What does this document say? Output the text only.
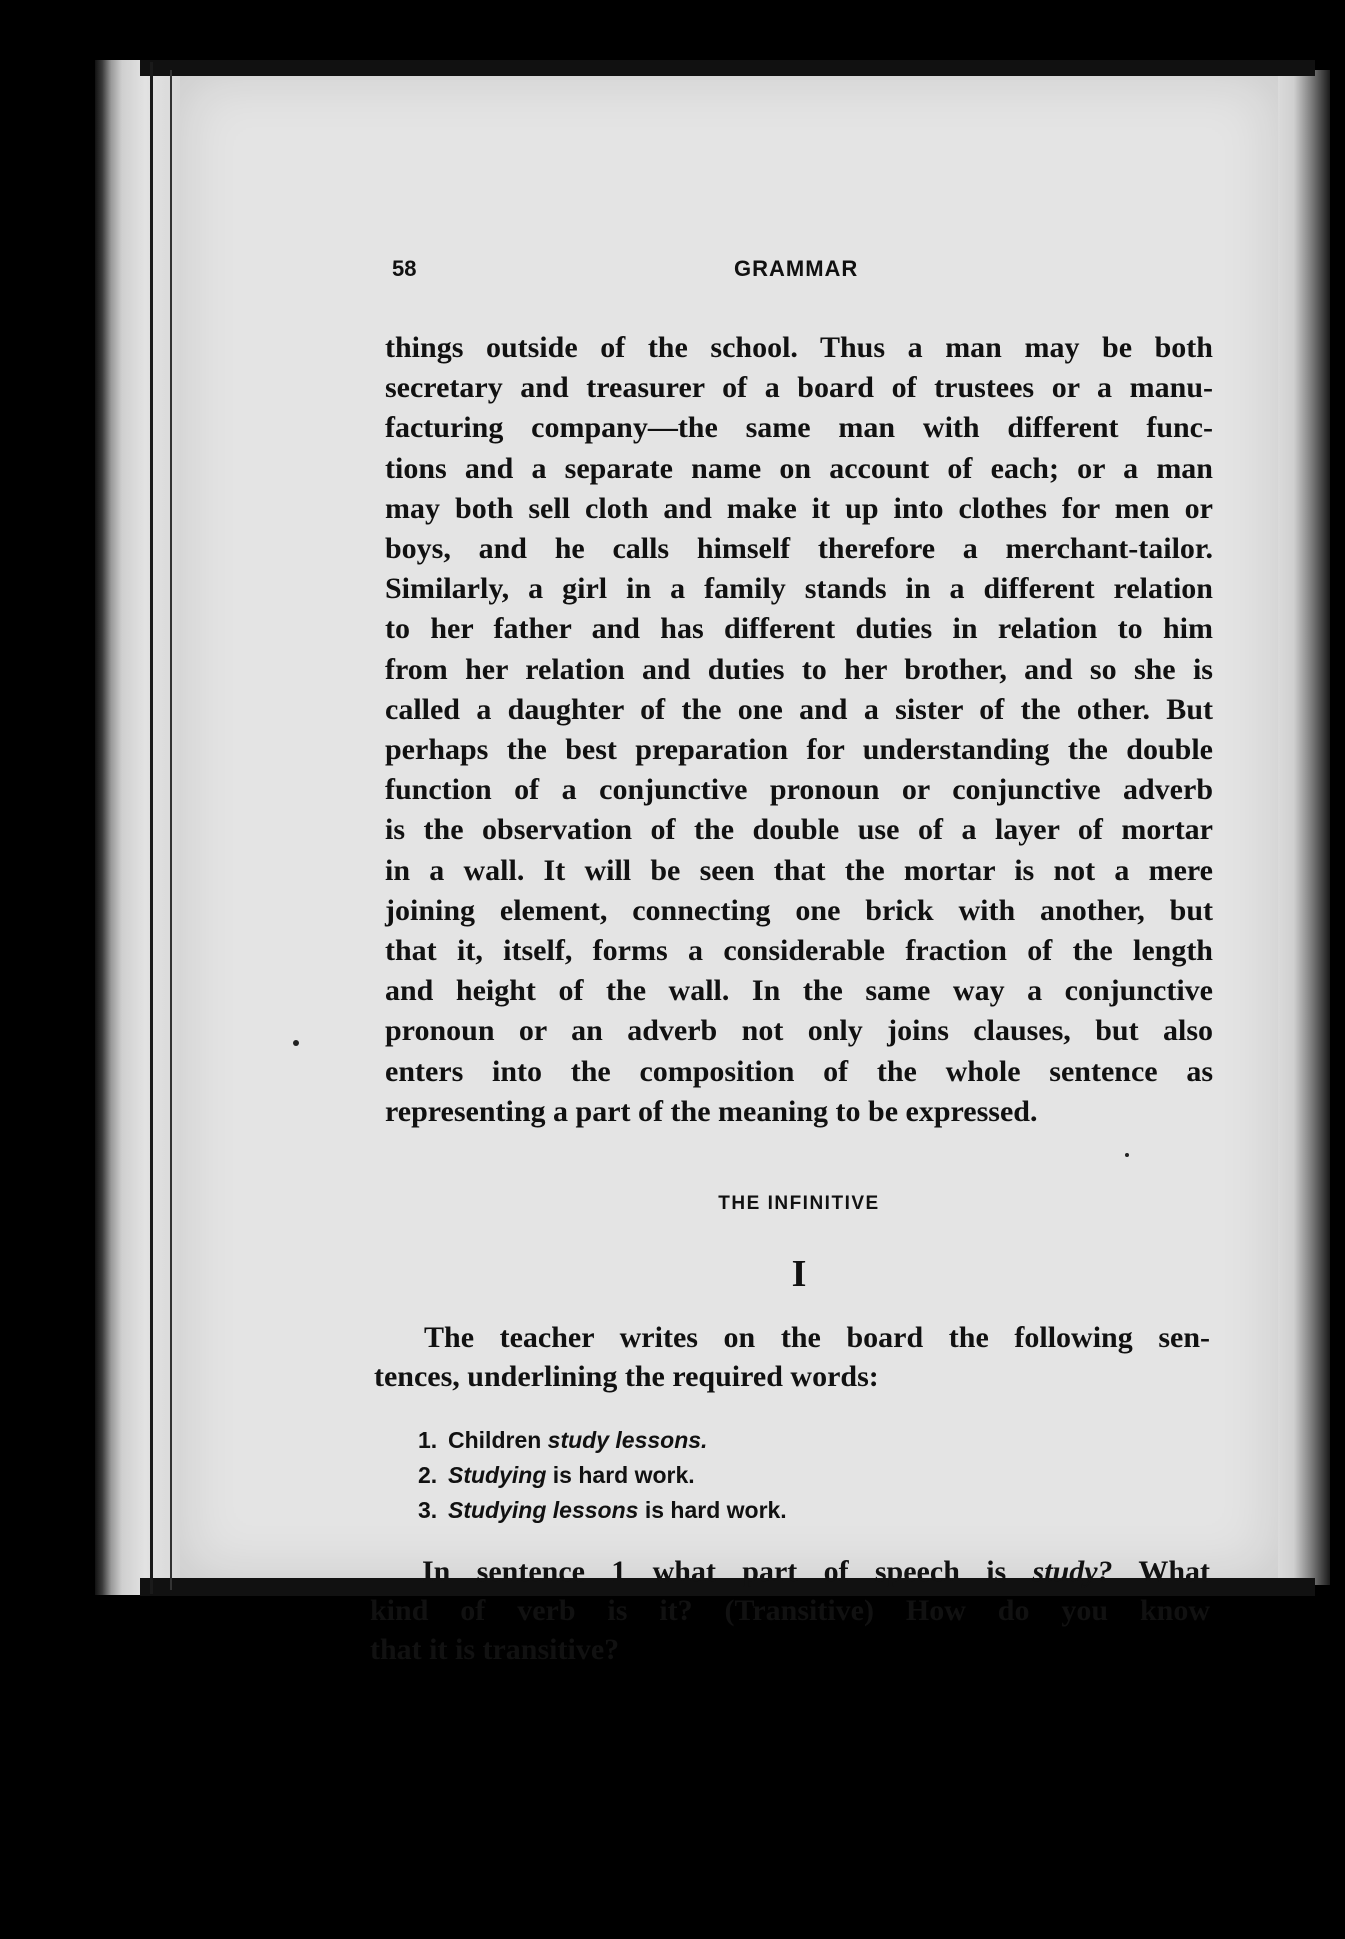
58	GRAMMAR
things outside of the school. Thus a man may be both
secretary and treasurer of a board of trustees or a manu-
facturing company—the same man with different func-
tions and a separate name on account of each; or a man
may both sell cloth and make it up into clothes for men or
boys, and he calls himself therefore a merchant-tailor.
Similarly, a girl in a family stands in a different relation
to her father and has different duties in relation to him
from her relation and duties to her brother, and so she is
called a daughter of the one and a sister of the other. But
perhaps the best preparation for understanding the double
function of a conjunctive pronoun or conjunctive adverb
is the observation of the double use of a layer of mortar
in a wall. It will be seen that the mortar is not a mere
joining element, connecting one brick with another, but
that it, itself, forms a considerable fraction of the length
and height of the wall. In the same way a conjunctive
pronoun or an adverb not only joins clauses, but also
enters into the composition of the whole sentence as
representing a part of the meaning to be expressed.
THE INFINITIVE
I
The teacher writes on the board the following sen-
tences, underlining the required words:
1. Children study lessons.
2. Studying is hard work.
3. Studying lessons is hard work.
In sentence 1 what part of speech is study? What
kind of verb is it? (Transitive) How do you know
that it is transitive?
